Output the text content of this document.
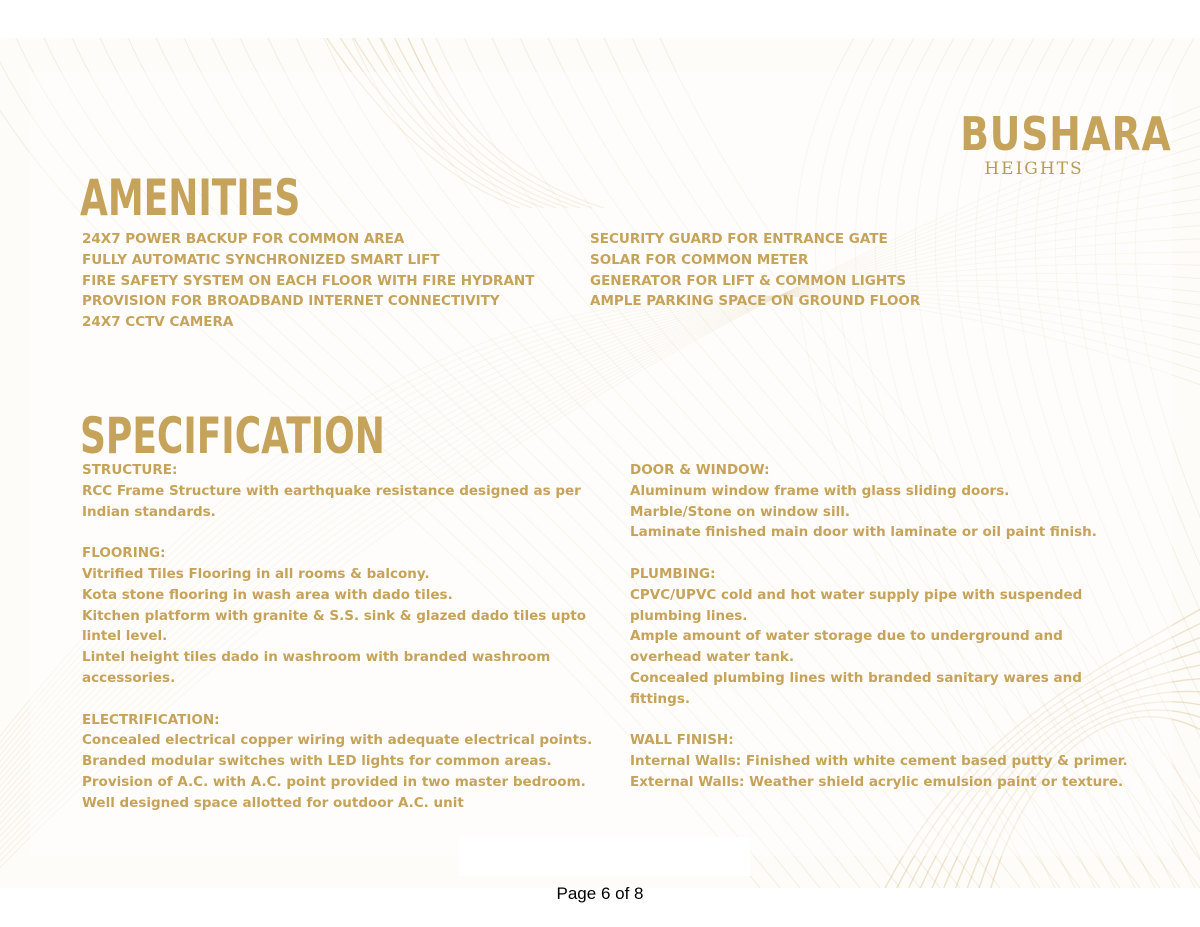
BUSHARA
HEIGHTS
AMENITIES
24X7 POWER BACKUP FOR COMMON AREA
FULLY AUTOMATIC SYNCHRONIZED SMART LIFT
FIRE SAFETY SYSTEM ON EACH FLOOR WITH FIRE HYDRANT
PROVISION FOR BROADBAND INTERNET CONNECTIVITY
24X7 CCTV CAMERA
SECURITY GUARD FOR ENTRANCE GATE
SOLAR FOR COMMON METER
GENERATOR FOR LIFT & COMMON LIGHTS
AMPLE PARKING SPACE ON GROUND FLOOR
SPECIFICATION
STRUCTURE:
RCC Frame Structure with earthquake resistance designed as per Indian standards.
FLOORING:
Vitrified Tiles Flooring in all rooms & balcony.
Kota stone flooring in wash area with dado tiles.
Kitchen platform with granite & S.S. sink & glazed dado tiles upto lintel level.
Lintel height tiles dado in washroom with branded washroom accessories.
ELECTRIFICATION:
Concealed electrical copper wiring with adequate electrical points.
Branded modular switches with LED lights for common areas.
Provision of A.C. with A.C. point provided in two master bedroom.
Well designed space allotted for outdoor A.C. unit
DOOR & WINDOW:
Aluminum window frame with glass sliding doors.
Marble/Stone on window sill.
Laminate finished main door with laminate or oil paint finish.
PLUMBING:
CPVC/UPVC cold and hot water supply pipe with suspended plumbing lines.
Ample amount of water storage due to underground and overhead water tank.
Concealed plumbing lines with branded sanitary wares and fittings.
WALL FINISH:
Internal Walls: Finished with white cement based putty & primer.
External Walls: Weather shield acrylic emulsion paint or texture.
Page 6 of 8
